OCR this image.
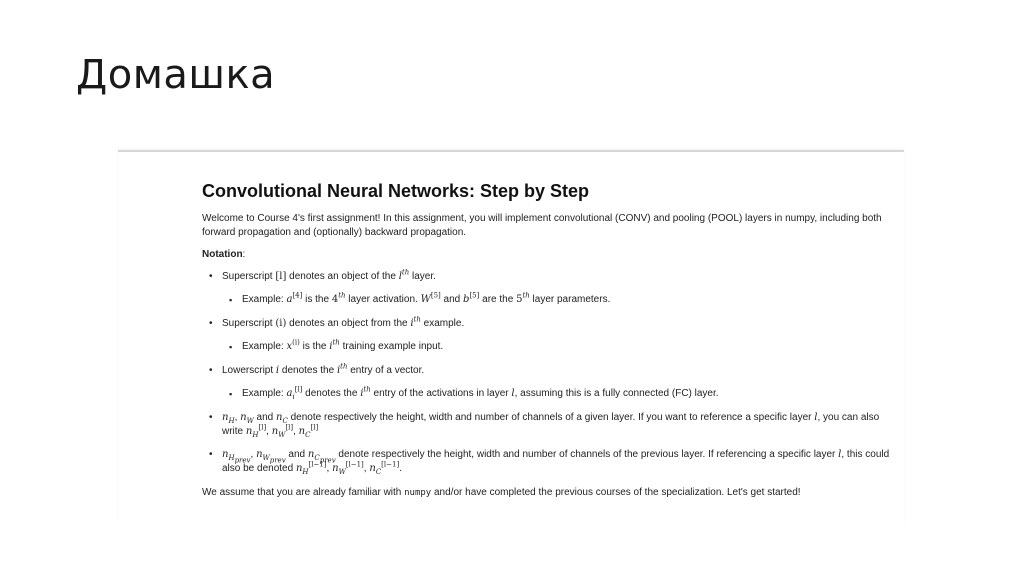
Домашка
Convolutional Neural Networks: Step by Step
Welcome to Course 4's first assignment! In this assignment, you will implement convolutional (CONV) and pooling (POOL) layers in numpy, including both forward propagation and (optionally) backward propagation.
Notation:
• Superscript [l] denotes an object of the $l^{th}$ layer.
▪ Example: a[4] is the 4th layer activation. W[5] and b[5] are the 5th layer parameters.
• Superscript (i) denotes an object from the $i^{th}$ example.
▪ Example: $x^{(i)}$ is the $i^{th}$ training example input.
• Lowerscript i denotes the $i^{th}$ entry of a vector.
▪ Example: $a_i[l]$ denotes the $i^{th}$ entry of the activations in layer l, assuming this is a fully connected (FC) layer.
• $n_H$, $n_W$ and $n_C$ denote respectively the height, width and number of channels of a given layer. If you want to reference a specific layer l, you can also write $n_H[l]$, $n_W[l]$, $n_C[l]$
• $n_{H_{prev}}$, $n_{W_{prev}}$ and $n_{C_{prev}}$ denote respectively the height, width and number of channels of the previous layer. If referencing a specific layer l, this could also be denoted $n_H[l-1]$, $n_W[l-1]$, $n_C[l-1]$.
We assume that you are already familiar with numpy and/or have completed the previous courses of the specialization. Let's get started!
